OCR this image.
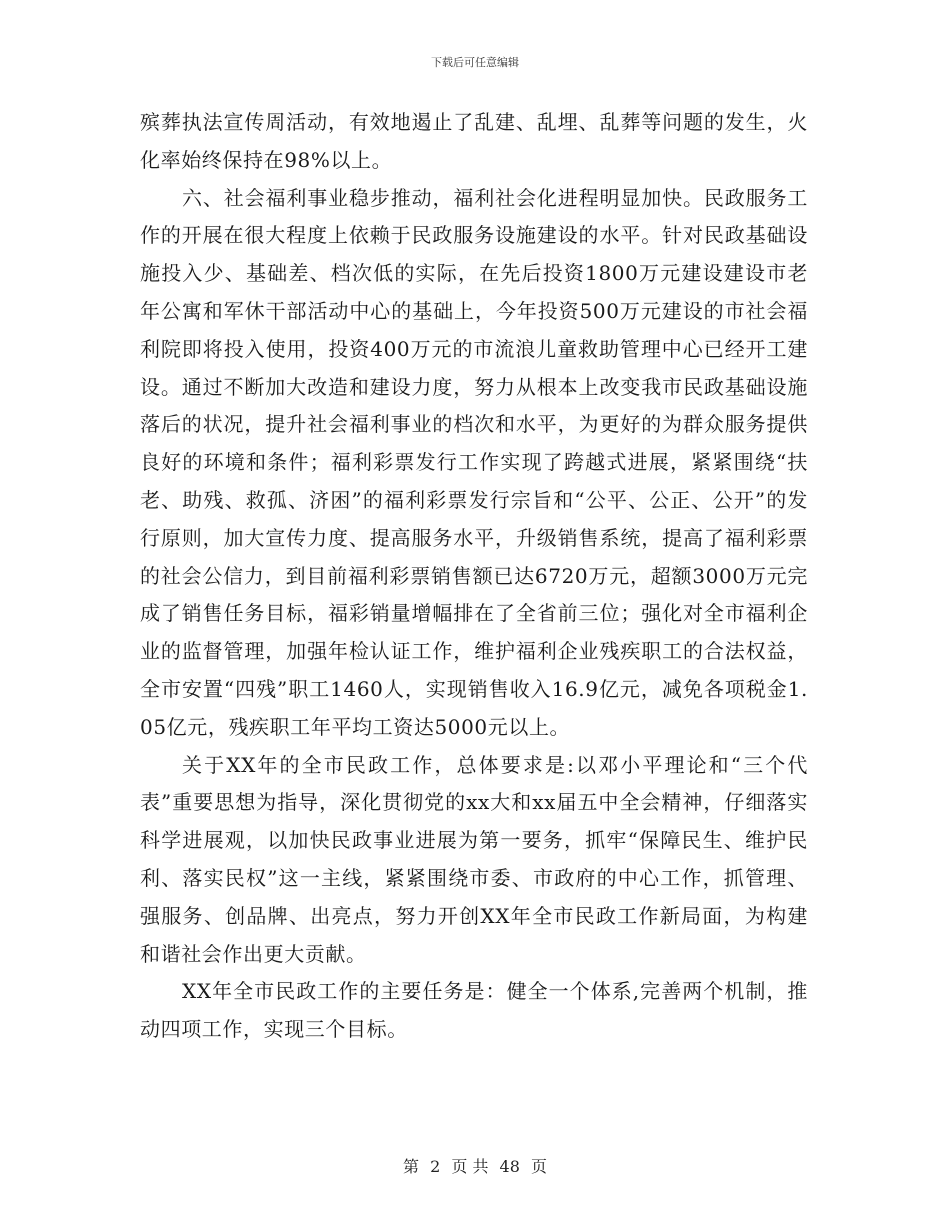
下载后可任意编辑

殡葬执法宣传周活动，有效地遏止了乱建、乱埋、乱葬等问题的发生，火化率始终保持在98%以上。

六、社会福利事业稳步推动，福利社会化进程明显加快。民政服务工作的开展在很大程度上依赖于民政服务设施建设的水平。针对民政基础设施投入少、基础差、档次低的实际，在先后投资1800万元建设建设市老年公寓和军休干部活动中心的基础上，今年投资500万元建设的市社会福利院即将投入使用，投资400万元的市流浪儿童救助管理中心已经开工建设。通过不断加大改造和建设力度，努力从根本上改变我市民政基础设施落后的状况，提升社会福利事业的档次和水平，为更好的为群众服务提供良好的环境和条件；福利彩票发行工作实现了跨越式进展，紧紧围绕“扶老、助残、救孤、济困”的福利彩票发行宗旨和“公平、公正、公开”的发行原则，加大宣传力度、提高服务水平，升级销售系统，提高了福利彩票的社会公信力，到目前福利彩票销售额已达6720万元，超额3000万元完成了销售任务目标，福彩销量增幅排在了全省前三位；强化对全市福利企业的监督管理，加强年检认证工作，维护福利企业残疾职工的合法权益，全市安置“四残”职工1460人，实现销售收入16.9亿元，减免各项税金1.05亿元，残疾职工年平均工资达5000元以上。

关于XX年的全市民政工作，总体要求是:以邓小平理论和“三个代表”重要思想为指导，深化贯彻党的xx大和xx届五中全会精神，仔细落实科学进展观，以加快民政事业进展为第一要务，抓牢“保障民生、维护民利、落实民权”这一主线，紧紧围绕市委、市政府的中心工作，抓管理、强服务、创品牌、出亮点，努力开创XX年全市民政工作新局面，为构建和谐社会作出更大贡献。

XX年全市民政工作的主要任务是：健全一个体系,完善两个机制，推动四项工作，实现三个目标。

第 2 页 共 48 页
